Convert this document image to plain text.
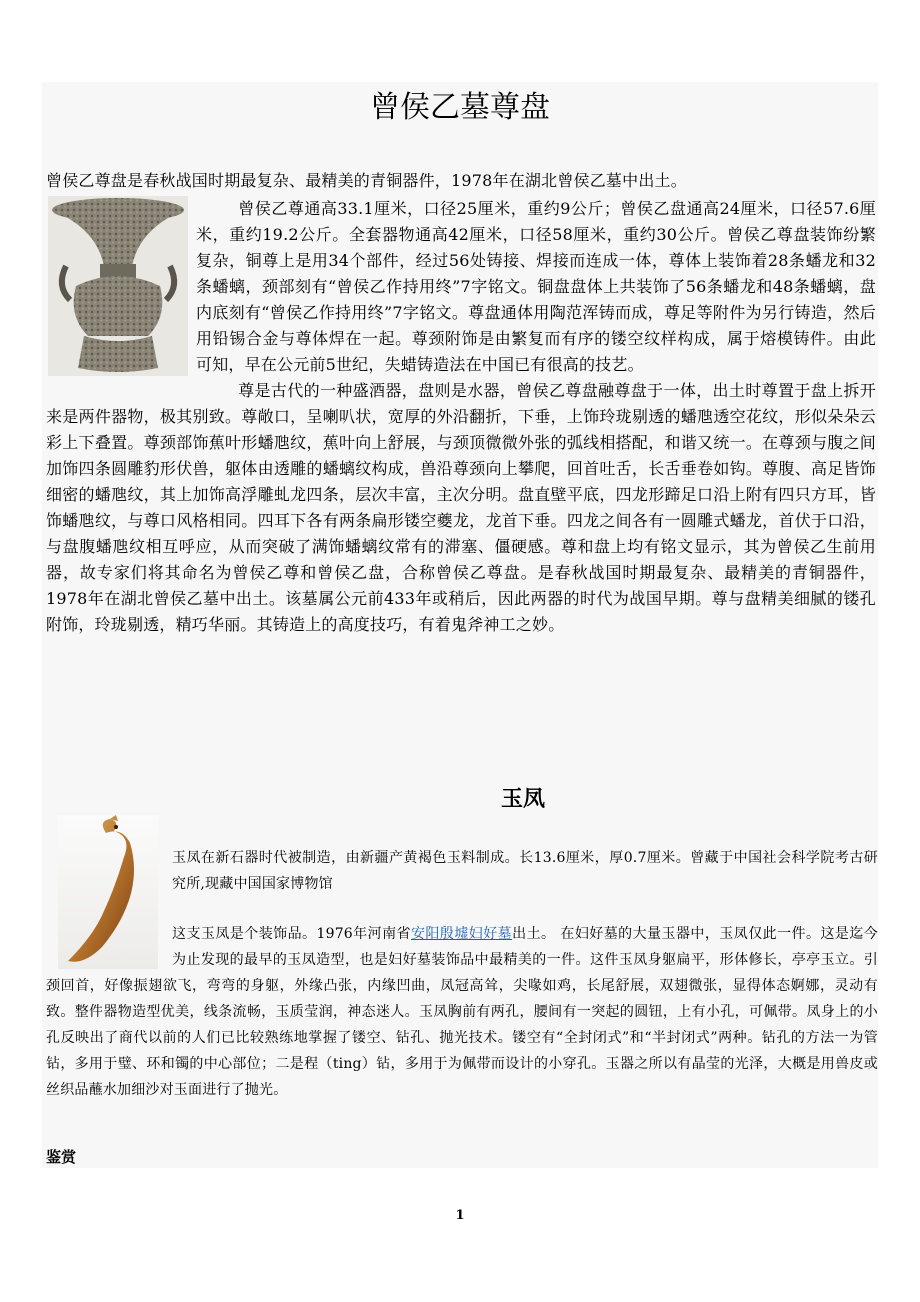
曾侯乙墓尊盘

曾侯乙尊盘是春秋战国时期最复杂、最精美的青铜器件，1978年在湖北曾侯乙墓中出土。

曾侯乙尊通高33.1厘米，口径25厘米，重约9公斤；曾侯乙盘通高24厘米，口径57.6厘米，重约19.2公斤。全套器物通高42厘米，口径58厘米，重约30公斤。曾侯乙尊盘装饰纷繁复杂，铜尊上是用34个部件，经过56处铸接、焊接而连成一体，尊体上装饰着28条蟠龙和32条蟠螭，颈部刻有“曾侯乙作持用终”7字铭文。铜盘盘体上共装饰了56条蟠龙和48条蟠螭，盘内底刻有“曾侯乙作持用终”7字铭文。尊盘通体用陶范浑铸而成，尊足等附件为另行铸造，然后用铅锡合金与尊体焊在一起。尊颈附饰是由繁复而有序的镂空纹样构成，属于熔模铸件。由此可知，早在公元前5世纪，失蜡铸造法在中国已有很高的技艺。
尊是古代的一种盛酒器，盘则是水器，曾侯乙尊盘融尊盘于一体，出土时尊置于盘上拆开来是两件器物，极其别致。尊敞口，呈喇叭状，宽厚的外沿翻折，下垂，上饰玲珑剔透的蟠虺透空花纹，形似朵朵云彩上下叠置。尊颈部饰蕉叶形蟠虺纹，蕉叶向上舒展，与颈顶微微外张的弧线相搭配，和谐又统一。在尊颈与腹之间加饰四条圆雕豹形伏兽，躯体由透雕的蟠螭纹构成，兽沿尊颈向上攀爬，回首吐舌，长舌垂卷如钩。尊腹、高足皆饰细密的蟠虺纹，其上加饰高浮雕虬龙四条，层次丰富，主次分明。盘直壁平底，四龙形蹄足口沿上附有四只方耳，皆饰蟠虺纹，与尊口风格相同。四耳下各有两条扁形镂空夔龙，龙首下垂。四龙之间各有一圆雕式蟠龙，首伏于口沿，与盘腹蟠虺纹相互呼应，从而突破了满饰蟠螭纹常有的滞塞、僵硬感。尊和盘上均有铭文显示，其为曾侯乙生前用器，故专家们将其命名为曾侯乙尊和曾侯乙盘，合称曾侯乙尊盘。是春秋战国时期最复杂、最精美的青铜器件，1978年在湖北曾侯乙墓中出土。该墓属公元前433年或稍后，因此两器的时代为战国早期。尊与盘精美细腻的镂孔附饰，玲珑剔透，精巧华丽。其铸造上的高度技巧，有着鬼斧神工之妙。
玉凤

玉凤在新石器时代被制造，由新疆产黄褐色玉料制成。长13.6厘米，厚0.7厘米。曾藏于中国社会科学院考古研究所,现藏中国国家博物馆

这支玉凤是个装饰品。1976年河南省安阳殷墟妇好墓出土。 在妇好墓的大量玉器中，玉凤仅此一件。这是迄今为止发现的最早的玉凤造型，也是妇好墓装饰品中最精美的一件。这件玉凤身躯扁平，形体修长，亭亭玉立。引颈回首，好像振翅欲飞，弯弯的身躯，外缘凸张，内缘凹曲，凤冠高耸，尖喙如鸡，长尾舒展，双翅微张，显得体态婀娜，灵动有致。整件器物造型优美，线条流畅，玉质莹润，神态迷人。玉凤胸前有两孔，腰间有一突起的圆钮，上有小孔，可佩带。凤身上的小孔反映出了商代以前的人们已比较熟练地掌握了镂空、钻孔、抛光技术。镂空有“全封闭式”和“半封闭式”两种。钻孔的方法一为管钻，多用于璧、环和镯的中心部位；二是程（ting）钻，多用于为佩带而设计的小穿孔。玉器之所以有晶莹的光泽，大概是用兽皮或丝织品蘸水加细沙对玉面进行了抛光。
鉴赏
1
